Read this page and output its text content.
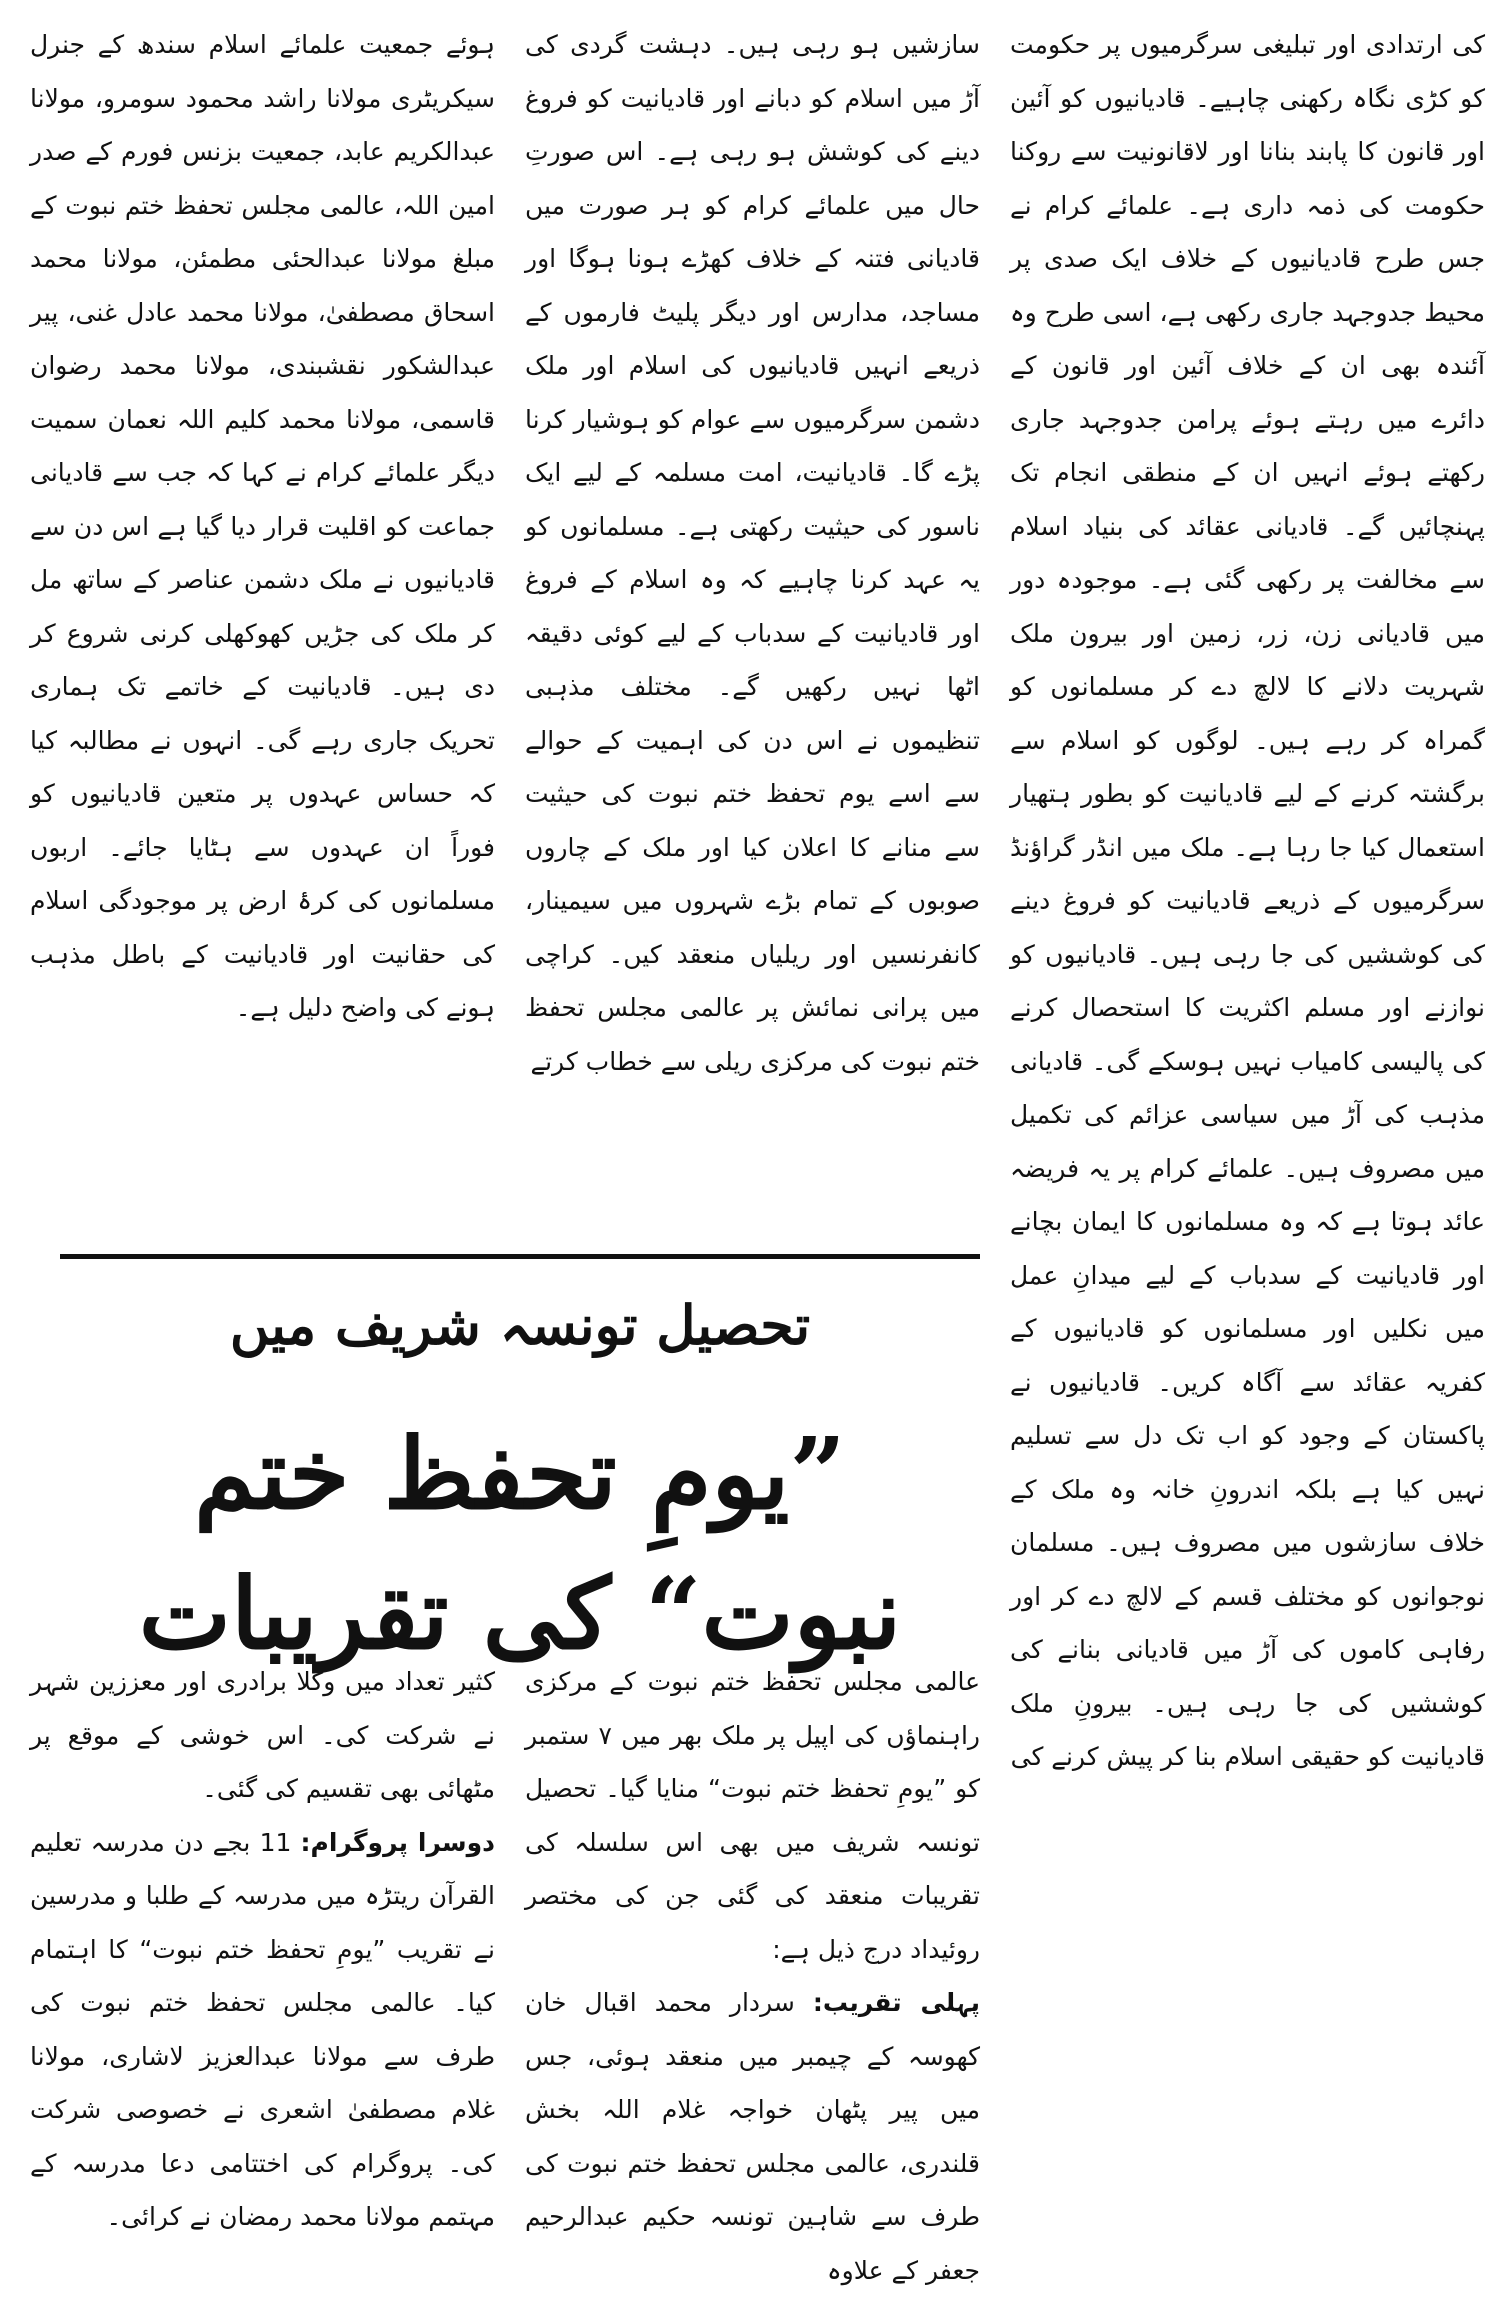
کی ارتدادی اور تبلیغی سرگرمیوں پر حکومت کو کڑی نگاہ رکھنی چاہیے۔ قادیانیوں کو آئین اور قانون کا پابند بنانا اور لاقانونیت سے روکنا حکومت کی ذمہ داری ہے۔ علمائے کرام نے جس طرح قادیانیوں کے خلاف ایک صدی پر محیط جدوجہد جاری رکھی ہے، اسی طرح وہ آئندہ بھی ان کے خلاف آئین اور قانون کے دائرے میں رہتے ہوئے پرامن جدوجہد جاری رکھتے ہوئے انہیں ان کے منطقی انجام تک پہنچائیں گے۔ قادیانی عقائد کی بنیاد اسلام سے مخالفت پر رکھی گئی ہے۔ موجودہ دور میں قادیانی زن، زر، زمین اور بیرون ملک شہریت دلانے کا لالچ دے کر مسلمانوں کو گمراہ کر رہے ہیں۔ لوگوں کو اسلام سے برگشتہ کرنے کے لیے قادیانیت کو بطور ہتھیار استعمال کیا جا رہا ہے۔ ملک میں انڈر گراؤنڈ سرگرمیوں کے ذریعے قادیانیت کو فروغ دینے کی کوششیں کی جا رہی ہیں۔ قادیانیوں کو نوازنے اور مسلم اکثریت کا استحصال کرنے کی پالیسی کامیاب نہیں ہوسکے گی۔ قادیانی مذہب کی آڑ میں سیاسی عزائم کی تکمیل میں مصروف ہیں۔ علمائے کرام پر یہ فریضہ عائد ہوتا ہے کہ وہ مسلمانوں کا ایمان بچانے اور قادیانیت کے سدباب کے لیے میدانِ عمل میں نکلیں اور مسلمانوں کو قادیانیوں کے کفریہ عقائد سے آگاہ کریں۔ قادیانیوں نے پاکستان کے وجود کو اب تک دل سے تسلیم نہیں کیا ہے بلکہ اندرونِ خانہ وہ ملک کے خلاف سازشوں میں مصروف ہیں۔ مسلمان نوجوانوں کو مختلف قسم کے لالچ دے کر اور رفاہی کاموں کی آڑ میں قادیانی بنانے کی کوششیں کی جا رہی ہیں۔ بیرونِ ملک قادیانیت کو حقیقی اسلام بنا کر پیش کرنے کی

سازشیں ہو رہی ہیں۔ دہشت گردی کی آڑ میں اسلام کو دبانے اور قادیانیت کو فروغ دینے کی کوشش ہو رہی ہے۔ اس صورتِ حال میں علمائے کرام کو ہر صورت میں قادیانی فتنہ کے خلاف کھڑے ہونا ہوگا اور مساجد، مدارس اور دیگر پلیٹ فارموں کے ذریعے انہیں قادیانیوں کی اسلام اور ملک دشمن سرگرمیوں سے عوام کو ہوشیار کرنا پڑے گا۔ قادیانیت، امت مسلمہ کے لیے ایک ناسور کی حیثیت رکھتی ہے۔ مسلمانوں کو یہ عہد کرنا چاہیے کہ وہ اسلام کے فروغ اور قادیانیت کے سدباب کے لیے کوئی دقیقہ اٹھا نہیں رکھیں گے۔ مختلف مذہبی تنظیموں نے اس دن کی اہمیت کے حوالے سے اسے یوم تحفظ ختم نبوت کی حیثیت سے منانے کا اعلان کیا اور ملک کے چاروں صوبوں کے تمام بڑے شہروں میں سیمینار، کانفرنسیں اور ریلیاں منعقد کیں۔ کراچی میں پرانی نمائش پر عالمی مجلس تحفظ ختم نبوت کی مرکزی ریلی سے خطاب کرتے

ہوئے جمعیت علمائے اسلام سندھ کے جنرل سیکریٹری مولانا راشد محمود سومرو، مولانا عبدالکریم عابد، جمعیت بزنس فورم کے صدر امین اللہ، عالمی مجلس تحفظ ختم نبوت کے مبلغ مولانا عبدالحئی مطمئن، مولانا محمد اسحاق مصطفیٰ، مولانا محمد عادل غنی، پیر عبدالشکور نقشبندی، مولانا محمد رضوان قاسمی، مولانا محمد کلیم اللہ نعمان سمیت دیگر علمائے کرام نے کہا کہ جب سے قادیانی جماعت کو اقلیت قرار دیا گیا ہے اس دن سے قادیانیوں نے ملک دشمن عناصر کے ساتھ مل کر ملک کی جڑیں کھوکھلی کرنی شروع کر دی ہیں۔ قادیانیت کے خاتمے تک ہماری تحریک جاری رہے گی۔ انہوں نے مطالبہ کیا کہ حساس عہدوں پر متعین قادیانیوں کو فوراً ان عہدوں سے ہٹایا جائے۔ اربوں مسلمانوں کی کرۂ ارض پر موجودگی اسلام کی حقانیت اور قادیانیت کے باطل مذہب ہونے کی واضح دلیل ہے۔

تحصیل تونسہ شریف میں
”یومِ تحفظ ختم نبوت“ کی تقریبات

عالمی مجلس تحفظ ختم نبوت کے مرکزی راہنماؤں کی اپیل پر ملک بھر میں ۷ ستمبر کو ”یومِ تحفظ ختم نبوت“ منایا گیا۔ تحصیل تونسہ شریف میں بھی اس سلسلہ کی تقریبات منعقد کی گئی جن کی مختصر روئیداد درج ذیل ہے:

پہلی تقریب: سردار محمد اقبال خان کھوسہ کے چیمبر میں منعقد ہوئی، جس میں پیر پٹھان خواجہ غلام اللہ بخش قلندری، عالمی مجلس تحفظ ختم نبوت کی طرف سے شاہین تونسہ حکیم عبدالرحیم جعفر کے علاوہ

کثیر تعداد میں وکلا برادری اور معززین شہر نے شرکت کی۔ اس خوشی کے موقع پر مٹھائی بھی تقسیم کی گئی۔

دوسرا پروگرام: 11 بجے دن مدرسہ تعلیم القرآن ریتڑہ میں مدرسہ کے طلبا و مدرسین نے تقریب ”یومِ تحفظ ختم نبوت“ کا اہتمام کیا۔ عالمی مجلس تحفظ ختم نبوت کی طرف سے مولانا عبدالعزیز لاشاری، مولانا غلام مصطفیٰ اشعری نے خصوصی شرکت کی۔ پروگرام کی اختتامی دعا مدرسہ کے مہتمم مولانا محمد رمضان نے کرائی۔
